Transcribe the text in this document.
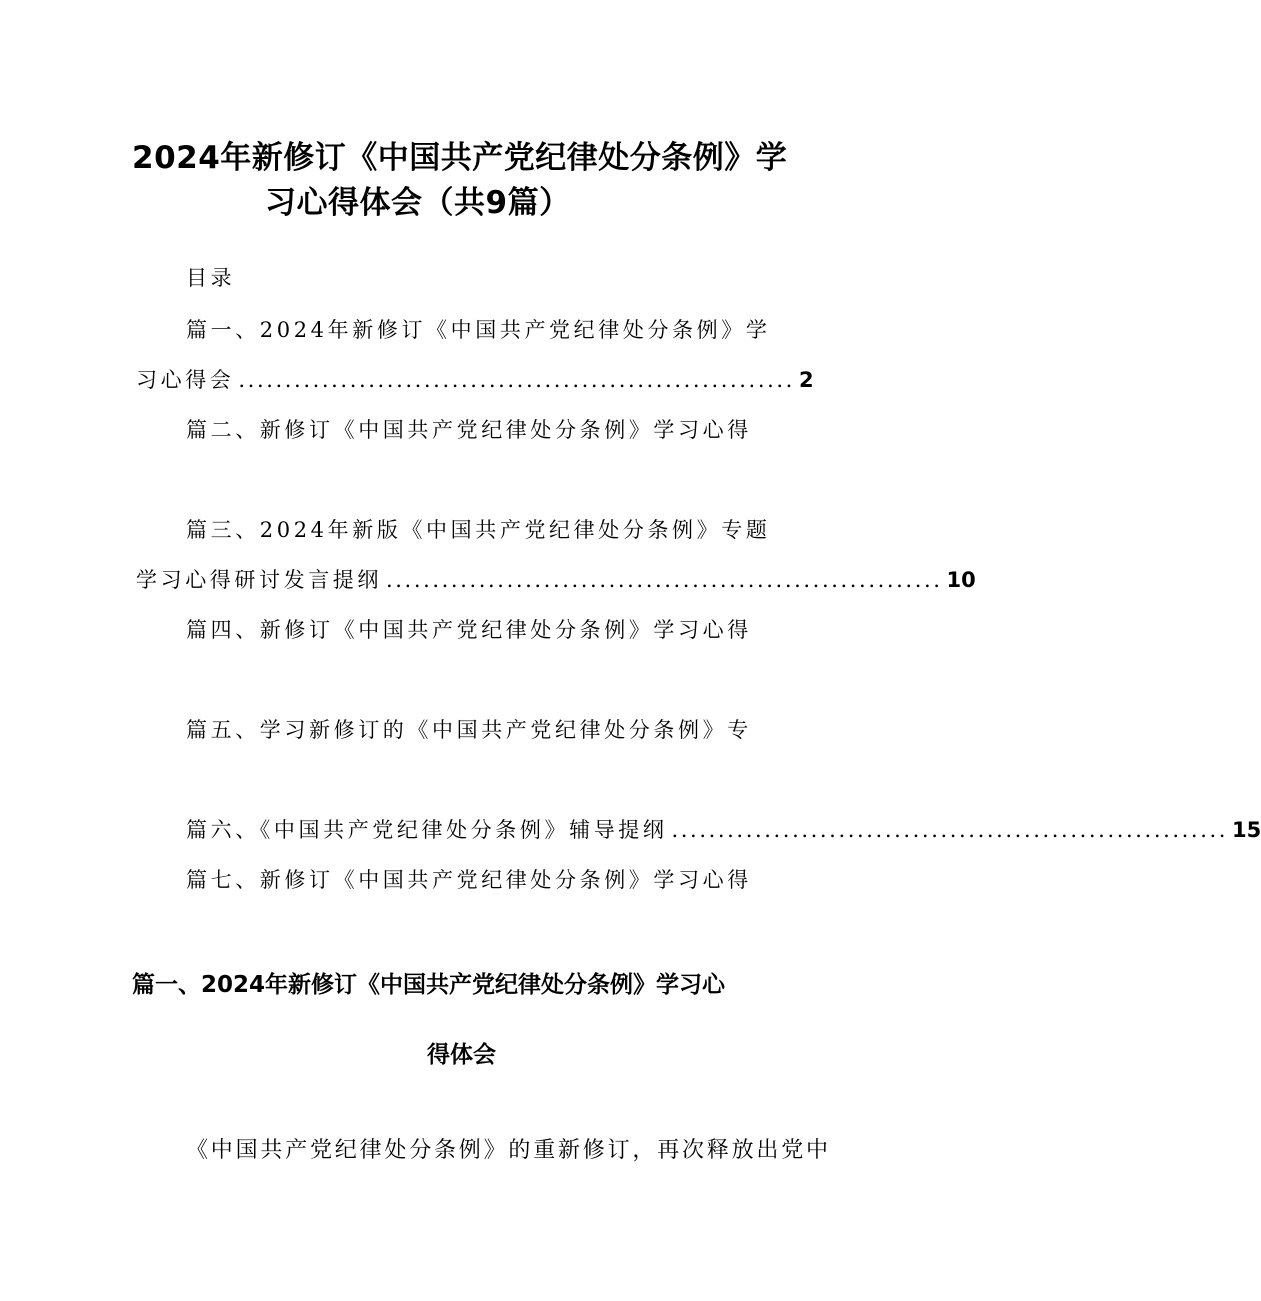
2024年新修订《中国共产党纪律处分条例》学
习心得体会（共9篇）
目录
篇一、2024年新修订《中国共产党纪律处分条例》学
习心得会 ............................................................ 2
篇二、新修订《中国共产党纪律处分条例》学习心得
篇三、2024年新版《中国共产党纪律处分条例》专题
学习心得研讨发言提纲 ............................................................ 10
篇四、新修订《中国共产党纪律处分条例》学习心得
篇五、学习新修订的《中国共产党纪律处分条例》专
篇六、《中国共产党纪律处分条例》辅导提纲 ............................................................ 15
篇七、新修订《中国共产党纪律处分条例》学习心得
篇一、2024年新修订《中国共产党纪律处分条例》学习心
得体会
《中国共产党纪律处分条例》的重新修订，再次释放出党中
